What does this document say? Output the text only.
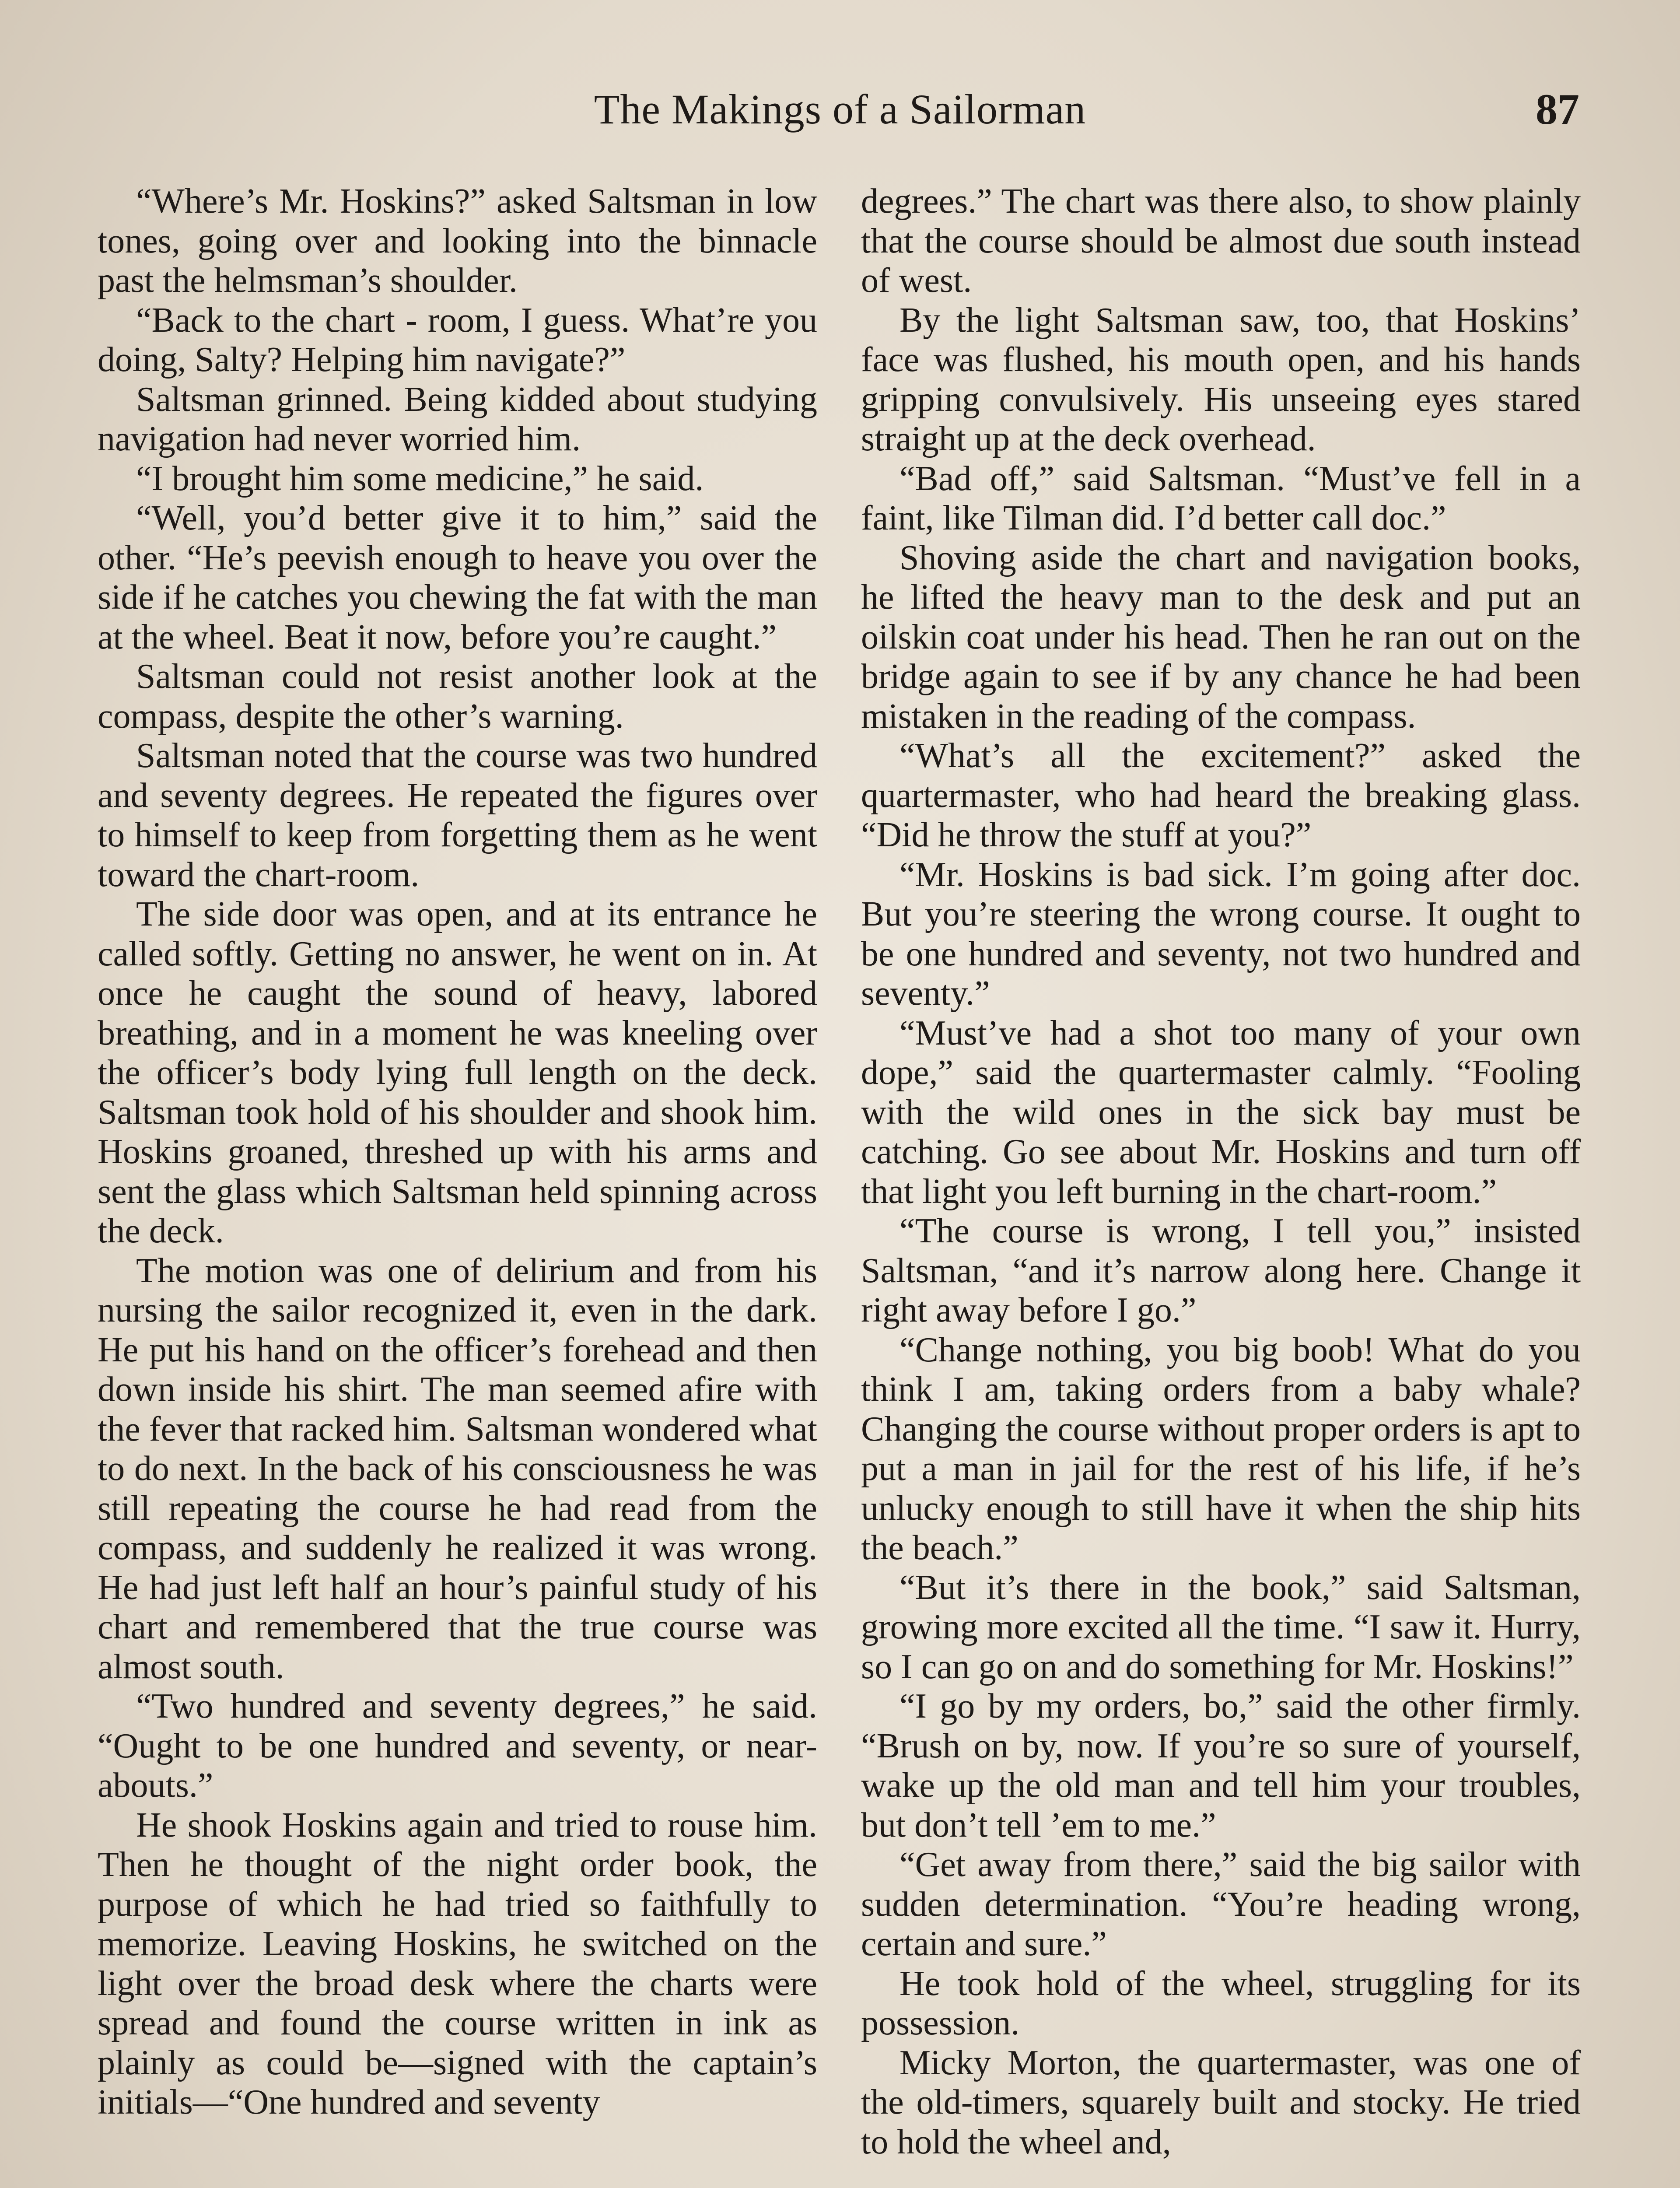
The Makings of a Sailorman	87

“Where’s Mr. Hoskins?” asked Saltsman in low tones, going over and looking into the binnacle past the helmsman’s shoulder.

“Back to the chart - room, I guess. What’re you doing, Salty? Helping him navigate?”

Saltsman grinned. Being kidded about studying navigation had never worried him.

“I brought him some medicine,” he said.

“Well, you’d better give it to him,” said the other. “He’s peevish enough to heave you over the side if he catches you chewing the fat with the man at the wheel. Beat it now, before you’re caught.”

Saltsman could not resist another look at the compass, despite the other’s warning.

Saltsman noted that the course was two hundred and seventy degrees. He repeated the figures over to himself to keep from forgetting them as he went toward the chart-room.

The side door was open, and at its entrance he called softly. Getting no answer, he went on in. At once he caught the sound of heavy, labored breathing, and in a moment he was kneeling over the officer’s body lying full length on the deck. Saltsman took hold of his shoulder and shook him. Hoskins groaned, threshed up with his arms and sent the glass which Saltsman held spinning across the deck.

The motion was one of delirium and from his nursing the sailor recognized it, even in the dark. He put his hand on the officer’s forehead and then down inside his shirt. The man seemed afire with the fever that racked him. Saltsman wondered what to do next. In the back of his consciousness he was still repeating the course he had read from the compass, and suddenly he realized it was wrong. He had just left half an hour’s painful study of his chart and remembered that the true course was almost south.

“Two hundred and seventy degrees,” he said. “Ought to be one hundred and seventy, or near-abouts.”

He shook Hoskins again and tried to rouse him. Then he thought of the night order book, the purpose of which he had tried so faithfully to memorize. Leaving Hoskins, he switched on the light over the broad desk where the charts were spread and found the course written in ink as plainly as could be—signed with the captain’s initials—“One hundred and seventy

degrees.” The chart was there also, to show plainly that the course should be almost due south instead of west.

By the light Saltsman saw, too, that Hoskins’ face was flushed, his mouth open, and his hands gripping convulsively. His unseeing eyes stared straight up at the deck overhead.

“Bad off,” said Saltsman. “Must’ve fell in a faint, like Tilman did. I’d better call doc.”

Shoving aside the chart and navigation books, he lifted the heavy man to the desk and put an oilskin coat under his head. Then he ran out on the bridge again to see if by any chance he had been mistaken in the reading of the compass.

“What’s all the excitement?” asked the quartermaster, who had heard the breaking glass. “Did he throw the stuff at you?”

“Mr. Hoskins is bad sick. I’m going after doc. But you’re steering the wrong course. It ought to be one hundred and seventy, not two hundred and seventy.”

“Must’ve had a shot too many of your own dope,” said the quartermaster calmly. “Fooling with the wild ones in the sick bay must be catching. Go see about Mr. Hoskins and turn off that light you left burning in the chart-room.”

“The course is wrong, I tell you,” insisted Saltsman, “and it’s narrow along here. Change it right away before I go.”

“Change nothing, you big boob! What do you think I am, taking orders from a baby whale? Changing the course without proper orders is apt to put a man in jail for the rest of his life, if he’s unlucky enough to still have it when the ship hits the beach.”

“But it’s there in the book,” said Saltsman, growing more excited all the time. “I saw it. Hurry, so I can go on and do something for Mr. Hoskins!”

“I go by my orders, bo,” said the other firmly. “Brush on by, now. If you’re so sure of yourself, wake up the old man and tell him your troubles, but don’t tell ’em to me.”

“Get away from there,” said the big sailor with sudden determination. “You’re heading wrong, certain and sure.”

He took hold of the wheel, struggling for its possession.

Micky Morton, the quartermaster, was one of the old-timers, squarely built and stocky. He tried to hold the wheel and,
